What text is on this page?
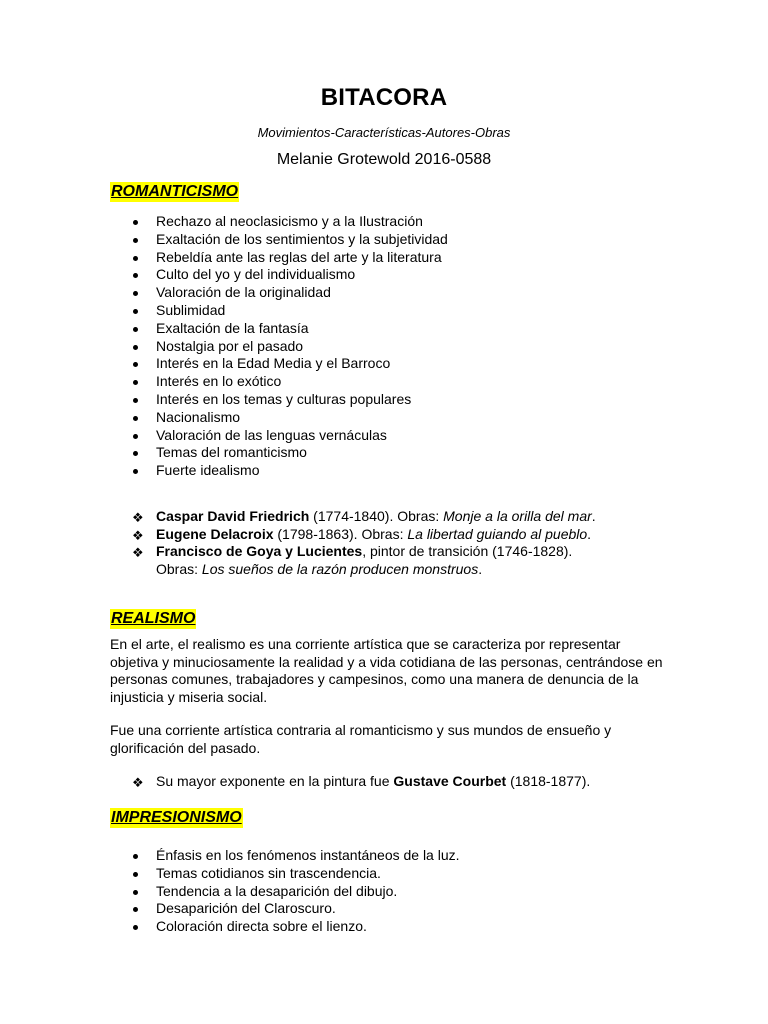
BITACORA
Movimientos-Características-Autores-Obras
Melanie Grotewold 2016-0588
ROMANTICISMO
Rechazo al neoclasicismo y a la Ilustración
Exaltación de los sentimientos y la subjetividad
Rebeldía ante las reglas del arte y la literatura
Culto del yo y del individualismo
Valoración de la originalidad
Sublimidad
Exaltación de la fantasía
Nostalgia por el pasado
Interés en la Edad Media y el Barroco
Interés en lo exótico
Interés en los temas y culturas populares
Nacionalismo
Valoración de las lenguas vernáculas
Temas del romanticismo
Fuerte idealismo
❖ Caspar David Friedrich (1774-1840). Obras: Monje a la orilla del mar.
❖ Eugene Delacroix (1798-1863). Obras: La libertad guiando al pueblo.
❖ Francisco de Goya y Lucientes, pintor de transición (1746-1828).
Obras: Los sueños de la razón producen monstruos.
REALISMO

En el arte, el realismo es una corriente artística que se caracteriza por representar objetiva y minuciosamente la realidad y a vida cotidiana de las personas, centrándose en personas comunes, trabajadores y campesinos, como una manera de denuncia de la injusticia y miseria social.

Fue una corriente artística contraria al romanticismo y sus mundos de ensueño y glorificación del pasado.

❖ Su mayor exponente en la pintura fue Gustave Courbet (1818-1877).
IMPRESIONISMO
Énfasis en los fenómenos instantáneos de la luz.
Temas cotidianos sin trascendencia.
Tendencia a la desaparición del dibujo.
Desaparición del Claroscuro.
Coloración directa sobre el lienzo.
